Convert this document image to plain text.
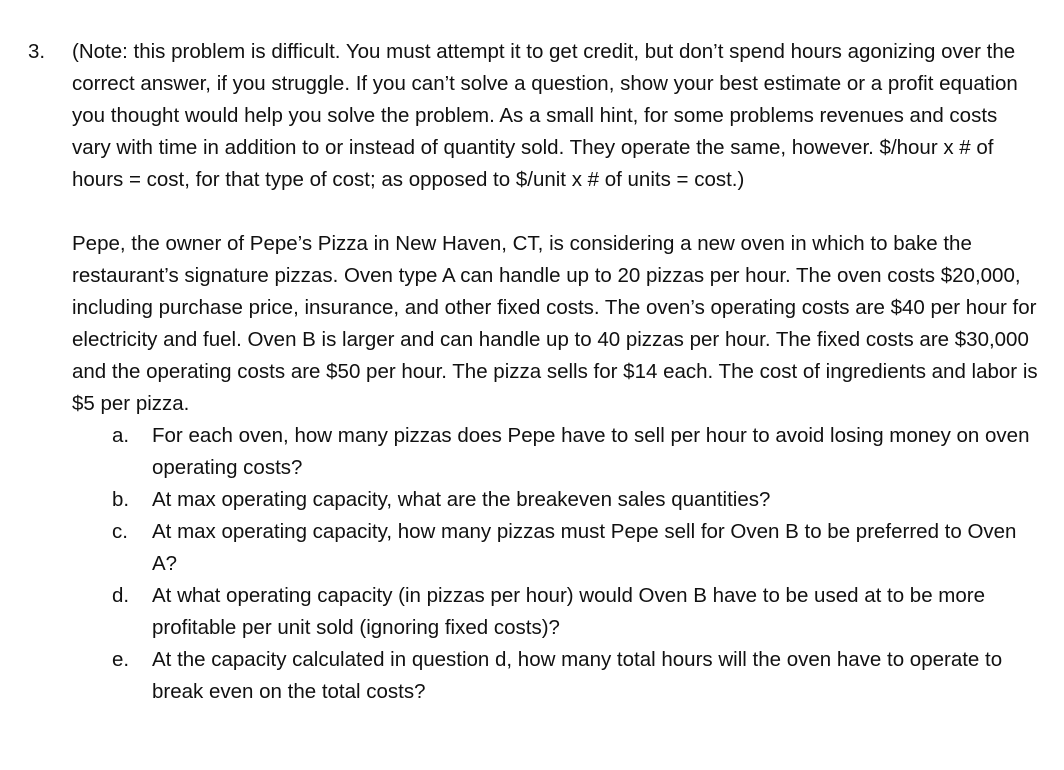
3.	(Note: this problem is difficult. You must attempt it to get credit, but don’t spend hours agonizing over the correct answer, if you struggle. If you can’t solve a question, show your best estimate or a profit equation you thought would help you solve the problem. As a small hint, for some problems revenues and costs vary with time in addition to or instead of quantity sold. They operate the same, however. $/hour x # of hours = cost, for that type of cost; as opposed to $/unit x # of units = cost.)

Pepe, the owner of Pepe’s Pizza in New Haven, CT, is considering a new oven in which to bake the restaurant’s signature pizzas. Oven type A can handle up to 20 pizzas per hour. The oven costs $20,000, including purchase price, insurance, and other fixed costs. The oven’s operating costs are $40 per hour for electricity and fuel. Oven B is larger and can handle up to 40 pizzas per hour. The fixed costs are $30,000 and the operating costs are $50 per hour. The pizza sells for $14 each. The cost of ingredients and labor is $5 per pizza.

a. For each oven, how many pizzas does Pepe have to sell per hour to avoid losing money on oven operating costs?
b. At max operating capacity, what are the breakeven sales quantities?
c. At max operating capacity, how many pizzas must Pepe sell for Oven B to be preferred to Oven A?
d. At what operating capacity (in pizzas per hour) would Oven B have to be used at to be more profitable per unit sold (ignoring fixed costs)?
e. At the capacity calculated in question d, how many total hours will the oven have to operate to break even on the total costs?
